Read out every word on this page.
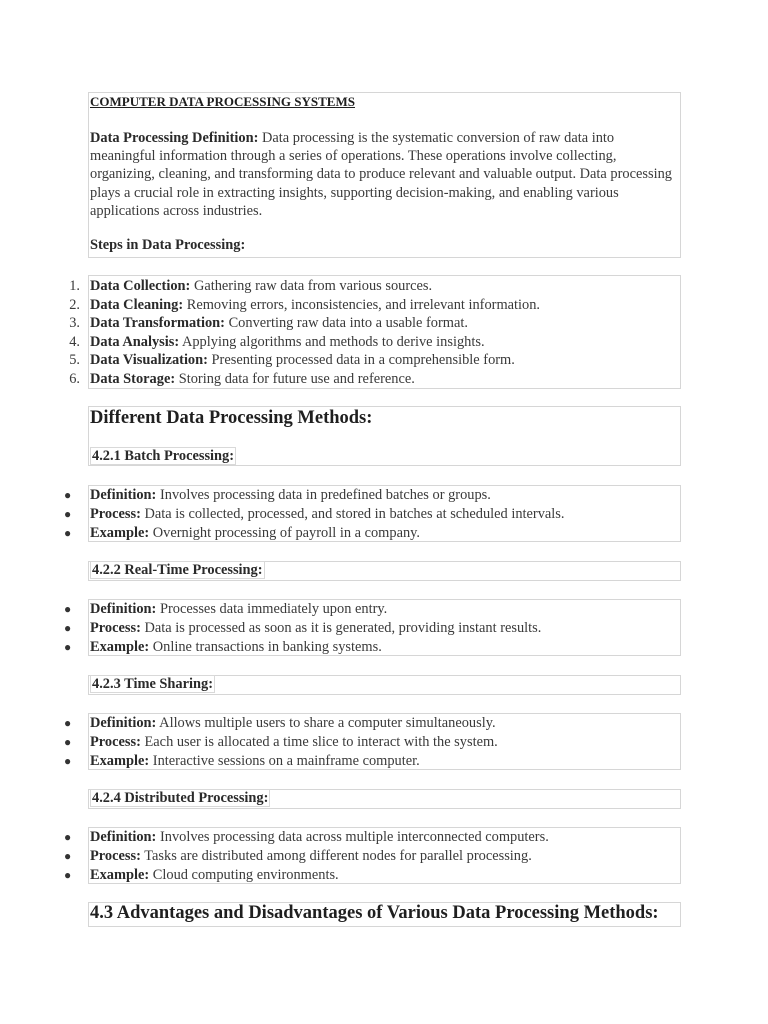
COMPUTER DATA PROCESSING SYSTEMS
Data Processing Definition: Data processing is the systematic conversion of raw data into meaningful information through a series of operations. These operations involve collecting, organizing, cleaning, and transforming data to produce relevant and valuable output. Data processing plays a crucial role in extracting insights, supporting decision-making, and enabling various applications across industries.
Steps in Data Processing:
1. Data Collection: Gathering raw data from various sources.
2. Data Cleaning: Removing errors, inconsistencies, and irrelevant information.
3. Data Transformation: Converting raw data into a usable format.
4. Data Analysis: Applying algorithms and methods to derive insights.
5. Data Visualization: Presenting processed data in a comprehensible form.
6. Data Storage: Storing data for future use and reference.
Different Data Processing Methods:
4.2.1 Batch Processing:
● Definition: Involves processing data in predefined batches or groups.
● Process: Data is collected, processed, and stored in batches at scheduled intervals.
● Example: Overnight processing of payroll in a company.
4.2.2 Real-Time Processing:
● Definition: Processes data immediately upon entry.
● Process: Data is processed as soon as it is generated, providing instant results.
● Example: Online transactions in banking systems.
4.2.3 Time Sharing:
● Definition: Allows multiple users to share a computer simultaneously.
● Process: Each user is allocated a time slice to interact with the system.
● Example: Interactive sessions on a mainframe computer.
4.2.4 Distributed Processing:
● Definition: Involves processing data across multiple interconnected computers.
● Process: Tasks are distributed among different nodes for parallel processing.
● Example: Cloud computing environments.
4.3 Advantages and Disadvantages of Various Data Processing Methods:
